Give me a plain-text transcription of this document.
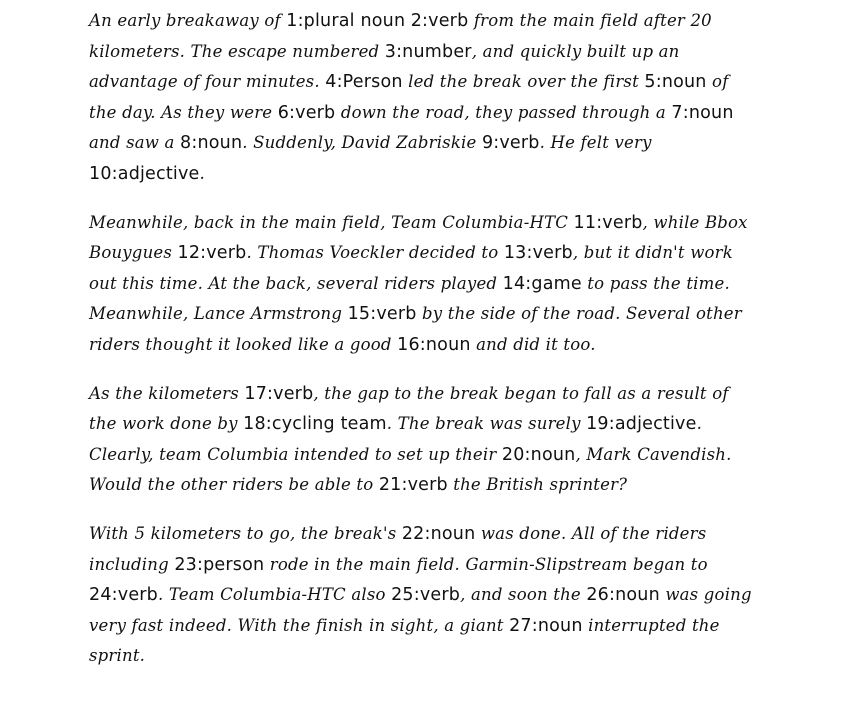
An early breakaway of 1:plural noun 2:verb from the main field after 20 kilometers. The escape numbered 3:number, and quickly built up an advantage of four minutes. 4:Person led the break over the first 5:noun of the day. As they were 6:verb down the road, they passed through a 7:noun and saw a 8:noun. Suddenly, David Zabriskie 9:verb. He felt very 10:adjective.

Meanwhile, back in the main field, Team Columbia-HTC 11:verb, while Bbox Bouygues 12:verb. Thomas Voeckler decided to 13:verb, but it didn't work out this time. At the back, several riders played 14:game to pass the time. Meanwhile, Lance Armstrong 15:verb by the side of the road. Several other riders thought it looked like a good 16:noun and did it too.

As the kilometers 17:verb, the gap to the break began to fall as a result of the work done by 18:cycling team. The break was surely 19:adjective. Clearly, team Columbia intended to set up their 20:noun, Mark Cavendish. Would the other riders be able to 21:verb the British sprinter?

With 5 kilometers to go, the break's 22:noun was done. All of the riders including 23:person rode in the main field. Garmin-Slipstream began to 24:verb. Team Columbia-HTC also 25:verb, and soon the 26:noun was going very fast indeed. With the finish in sight, a giant 27:noun interrupted the sprint.
